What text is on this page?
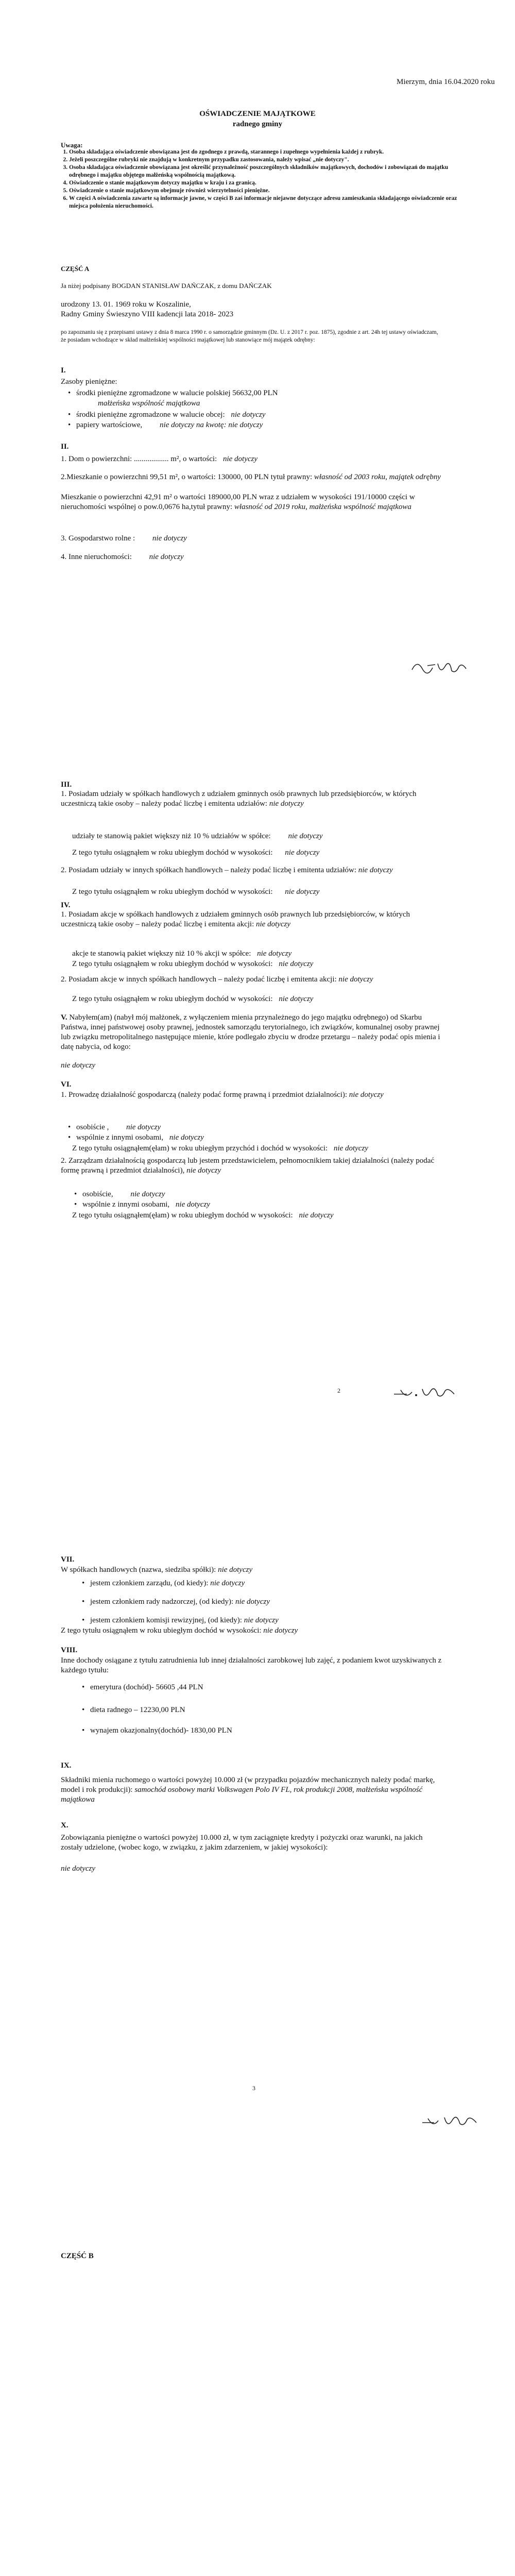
Mierzym, dnia 16.04.2020 roku
OŚWIADCZENIE MAJĄTKOWE
radnego gminy
Uwaga:
1. Osoba składająca oświadczenie obowiązana jest do zgodnego z prawdą, starannego i zupełnego wypełnienia każdej z rubryk.
2. Jeżeli poszczególne rubryki nie znajdują w konkretnym przypadku zastosowania, należy wpisać „nie dotyczy".
3. Osoba składająca oświadczenie obowiązana jest określić przynależność poszczególnych składników majątkowych, dochodów i zobowiązań do majątku odrębnego i majątku objętego małżeńską wspólnością majątkową.
4. Oświadczenie o stanie majątkowym dotyczy majątku w kraju i za granicą.
5. Oświadczenie o stanie majątkowym obejmuje również wierzytelności pieniężne.
6. W części A oświadczenia zawarte są informacje jawne, w części B zaś informacje niejawne dotyczące adresu zamieszkania składającego oświadczenie oraz miejsca położenia nieruchomości.
CZĘŚĆ A
Ja niżej podpisany BOGDAN STANISŁAW DAŃCZAK, z domu DAŃCZAK
urodzony 13. 01. 1969 roku w Koszalinie,
Radny Gminy Świeszyno VIII kadencji lata 2018- 2023
po zapoznaniu się z przepisami ustawy z dnia 8 marca 1990 r. o samorządzie gminnym (Dz. U. z 2017 r. poz. 1875), zgodnie z art. 24h tej ustawy oświadczam, że posiadam wchodzące w skład małżeńskiej wspólności majątkowej lub stanowiące mój majątek odrębny:
I.
Zasoby pieniężne:
• środki pieniężne zgromadzone w walucie polskiej 56632,00 PLN
małżeńska wspólność majątkowa
• środki pieniężne zgromadzone w walucie obcej: nie dotyczy
• papiery wartościowe, nie dotyczy na kwotę: nie dotyczy
II.
1. Dom o powierzchni: .................. m², o wartości: nie dotyczy
2.Mieszkanie o powierzchni 99,51 m², o wartości: 130000, 00 PLN tytuł prawny: własność od 2003 roku, majątek odrębny
Mieszkanie o powierzchni 42,91 m² o wartości 189000,00 PLN wraz z udziałem w wysokości 191/10000 części w nieruchomości wspólnej o pow.0,0676 ha,tytuł prawny: własność od 2019 roku, małżeńska wspólność majątkowa
3. Gospodarstwo rolne : nie dotyczy
4. Inne nieruchomości: nie dotyczy
III.
1. Posiadam udziały w spółkach handlowych z udziałem gminnych osób prawnych lub przedsiębiorców, w których uczestniczą takie osoby – należy podać liczbę i emitenta udziałów: nie dotyczy
udziały te stanowią pakiet większy niż 10 % udziałów w spółce: nie dotyczy
Z tego tytułu osiągnąłem w roku ubiegłym dochód w wysokości: nie dotyczy
2. Posiadam udziały w innych spółkach handlowych – należy podać liczbę i emitenta udziałów: nie dotyczy
Z tego tytułu osiągnąłem w roku ubiegłym dochód w wysokości: nie dotyczy
IV.
1. Posiadam akcje w spółkach handlowych z udziałem gminnych osób prawnych lub przedsiębiorców, w których uczestniczą takie osoby – należy podać liczbę i emitenta akcji: nie dotyczy
akcje te stanowią pakiet większy niż 10 % akcji w spółce: nie dotyczy
Z tego tytułu osiągnąłem w roku ubiegłym dochód w wysokości: nie dotyczy
2. Posiadam akcje w innych spółkach handlowych – należy podać liczbę i emitenta akcji: nie dotyczy
Z tego tytułu osiągnąłem w roku ubiegłym dochód w wysokości: nie dotyczy
V. Nabyłem(am) (nabył mój małżonek, z wyłączeniem mienia przynależnego do jego majątku odrębnego) od Skarbu Państwa, innej państwowej osoby prawnej, jednostek samorządu terytorialnego, ich związków, komunalnej osoby prawnej lub związku metropolitalnego następujące mienie, które podlegało zbyciu w drodze przetargu – należy podać opis mienia i datę nabycia, od kogo:
nie dotyczy
VI.
1. Prowadzę działalność gospodarczą (należy podać formę prawną i przedmiot działalności): nie dotyczy
• osobiście , nie dotyczy
• wspólnie z innymi osobami, nie dotyczy
Z tego tytułu osiągnąłem(ęłam) w roku ubiegłym przychód i dochód w wysokości: nie dotyczy
2. Zarządzam działalnością gospodarczą lub jestem przedstawicielem, pełnomocnikiem takiej działalności (należy podać formę prawną i przedmiot działalności), nie dotyczy
• osobiście, nie dotyczy
• wspólnie z innymi osobami, nie dotyczy
Z tego tytułu osiągnąłem(ęłam) w roku ubiegłym dochód w wysokości: nie dotyczy
2
VII.
W spółkach handlowych (nazwa, siedziba spółki): nie dotyczy
• jestem członkiem zarządu, (od kiedy): nie dotyczy
• jestem członkiem rady nadzorczej, (od kiedy): nie dotyczy
• jestem członkiem komisji rewizyjnej, (od kiedy): nie dotyczy
Z tego tytułu osiągnąłem w roku ubiegłym dochód w wysokości: nie dotyczy
VIII.
Inne dochody osiągane z tytułu zatrudnienia lub innej działalności zarobkowej lub zajęć, z podaniem kwot uzyskiwanych z każdego tytułu:
• emerytura (dochód)- 56605 ,44 PLN
• dieta radnego – 12230,00 PLN
• wynajem okazjonalny(dochód)- 1830,00 PLN
IX.
Składniki mienia ruchomego o wartości powyżej 10.000 zł (w przypadku pojazdów mechanicznych należy podać markę, model i rok produkcji): samochód osobowy marki Volkswagen Polo IV FL, rok produkcji 2008, małżeńska wspólność majątkowa
X.
Zobowiązania pieniężne o wartości powyżej 10.000 zł, w tym zaciągnięte kredyty i pożyczki oraz warunki, na jakich zostały udzielone, (wobec kogo, w związku, z jakim zdarzeniem, w jakiej wysokości):
nie dotyczy
3
CZĘŚĆ B
